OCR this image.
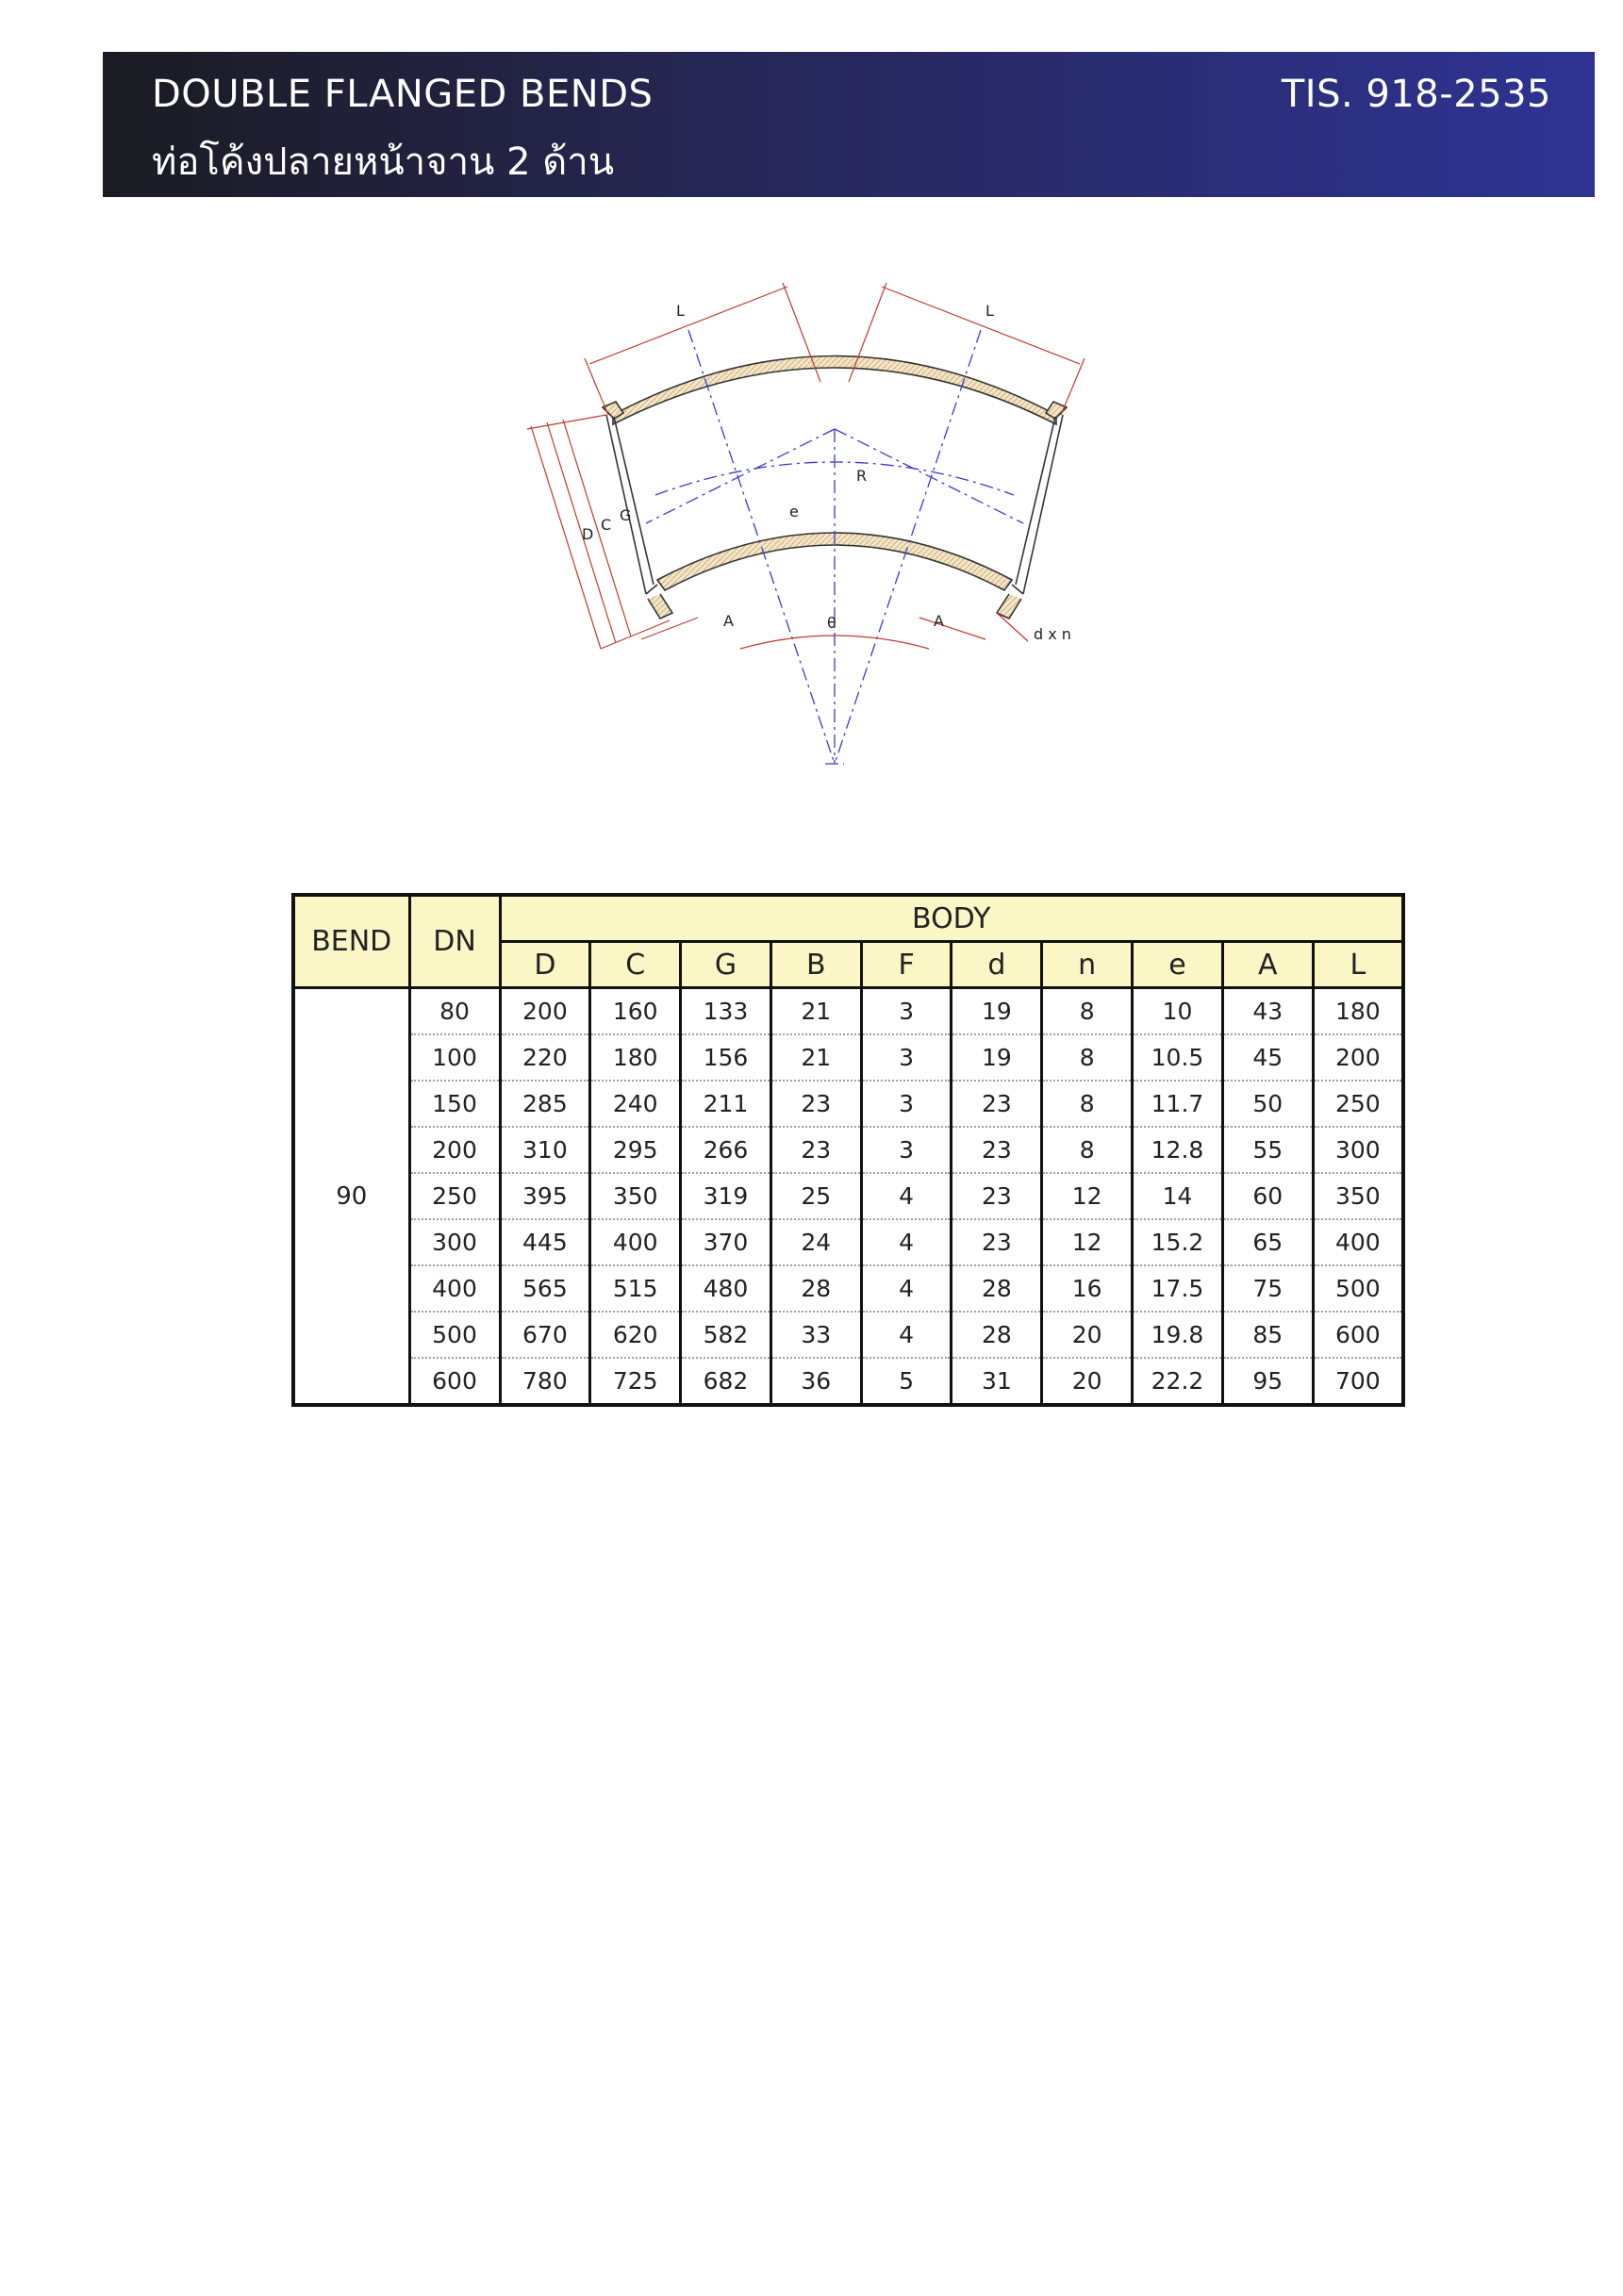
DOUBLE FLANGED BENDS
ท่อโค้งปลายหน้าจาน 2 ด้าน
TIS. 918-2535
L	L
R
e
θ
A	A
G
C
D
d x n
BEND	DN	BODY									
		D	C	G	B	F	d	n	e	A	L
90	80	200	160	133	21	3	19	8	10	43	180
	100	220	180	156	21	3	19	8	10.5	45	200
	150	285	240	211	23	3	23	8	11.7	50	250
	200	310	295	266	23	3	23	8	12.8	55	300
	250	395	350	319	25	4	23	12	14	60	350
	300	445	400	370	24	4	23	12	15.2	65	400
	400	565	515	480	28	4	28	16	17.5	75	500
	500	670	620	582	33	4	28	20	19.8	85	600
	600	780	725	682	36	5	31	20	22.2	95	700
